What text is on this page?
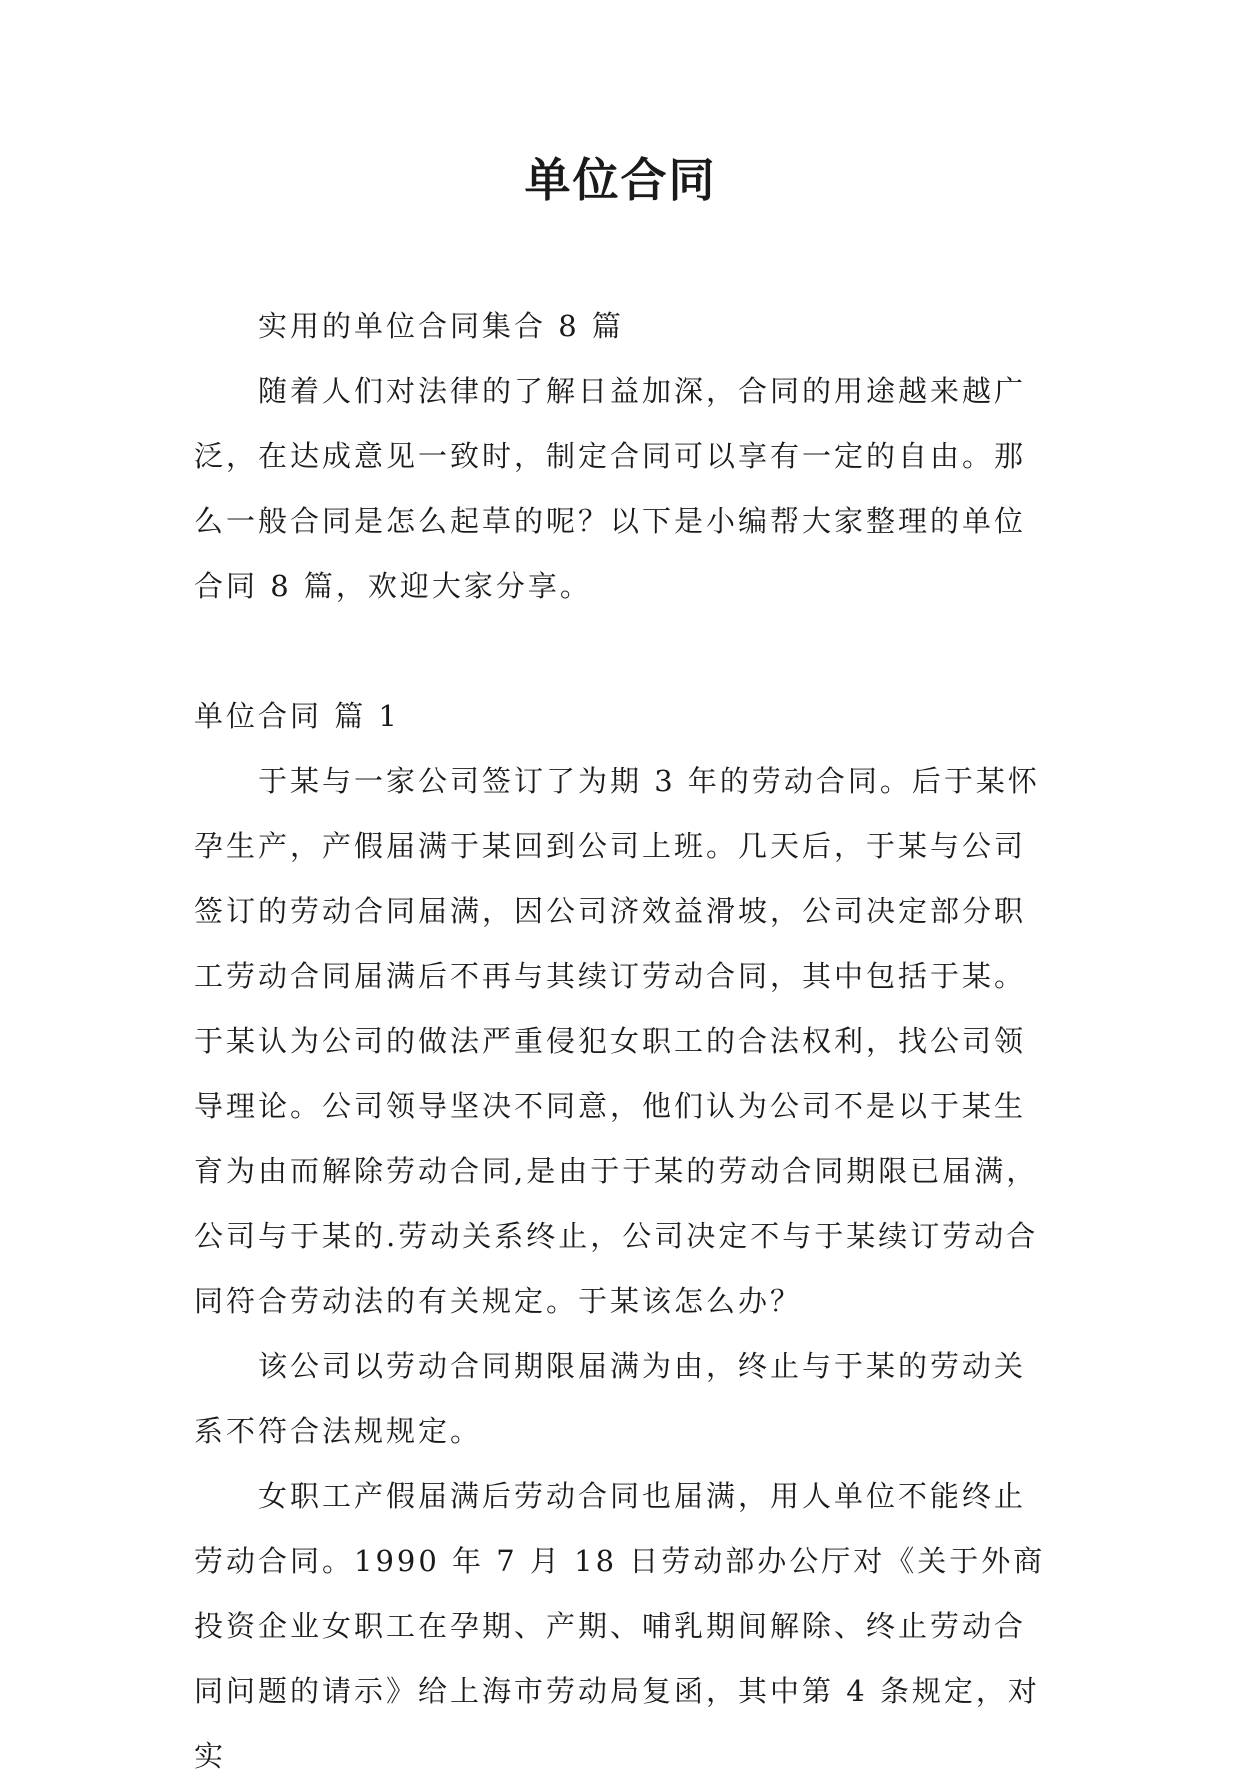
单位合同

实用的单位合同集合 8 篇

随着人们对法律的了解日益加深，合同的用途越来越广泛，在达成意见一致时，制定合同可以享有一定的自由。那么一般合同是怎么起草的呢？以下是小编帮大家整理的单位合同 8 篇，欢迎大家分享。

单位合同 篇 1

于某与一家公司签订了为期 3 年的劳动合同。后于某怀孕生产，产假届满于某回到公司上班。几天后，于某与公司签订的劳动合同届满，因公司济效益滑坡，公司决定部分职工劳动合同届满后不再与其续订劳动合同，其中包括于某。于某认为公司的做法严重侵犯女职工的合法权利，找公司领导理论。公司领导坚决不同意，他们认为公司不是以于某生育为由而解除劳动合同,是由于于某的劳动合同期限已届满，公司与于某的.劳动关系终止，公司决定不与于某续订劳动合同符合劳动法的有关规定。于某该怎么办？

该公司以劳动合同期限届满为由，终止与于某的劳动关系不符合法规规定。

女职工产假届满后劳动合同也届满，用人单位不能终止劳动合同。1990 年 7 月 18 日劳动部办公厅对《关于外商投资企业女职工在孕期、产期、哺乳期间解除、终止劳动合同问题的请示》给上海市劳动局复函，其中第 4 条规定，对实
